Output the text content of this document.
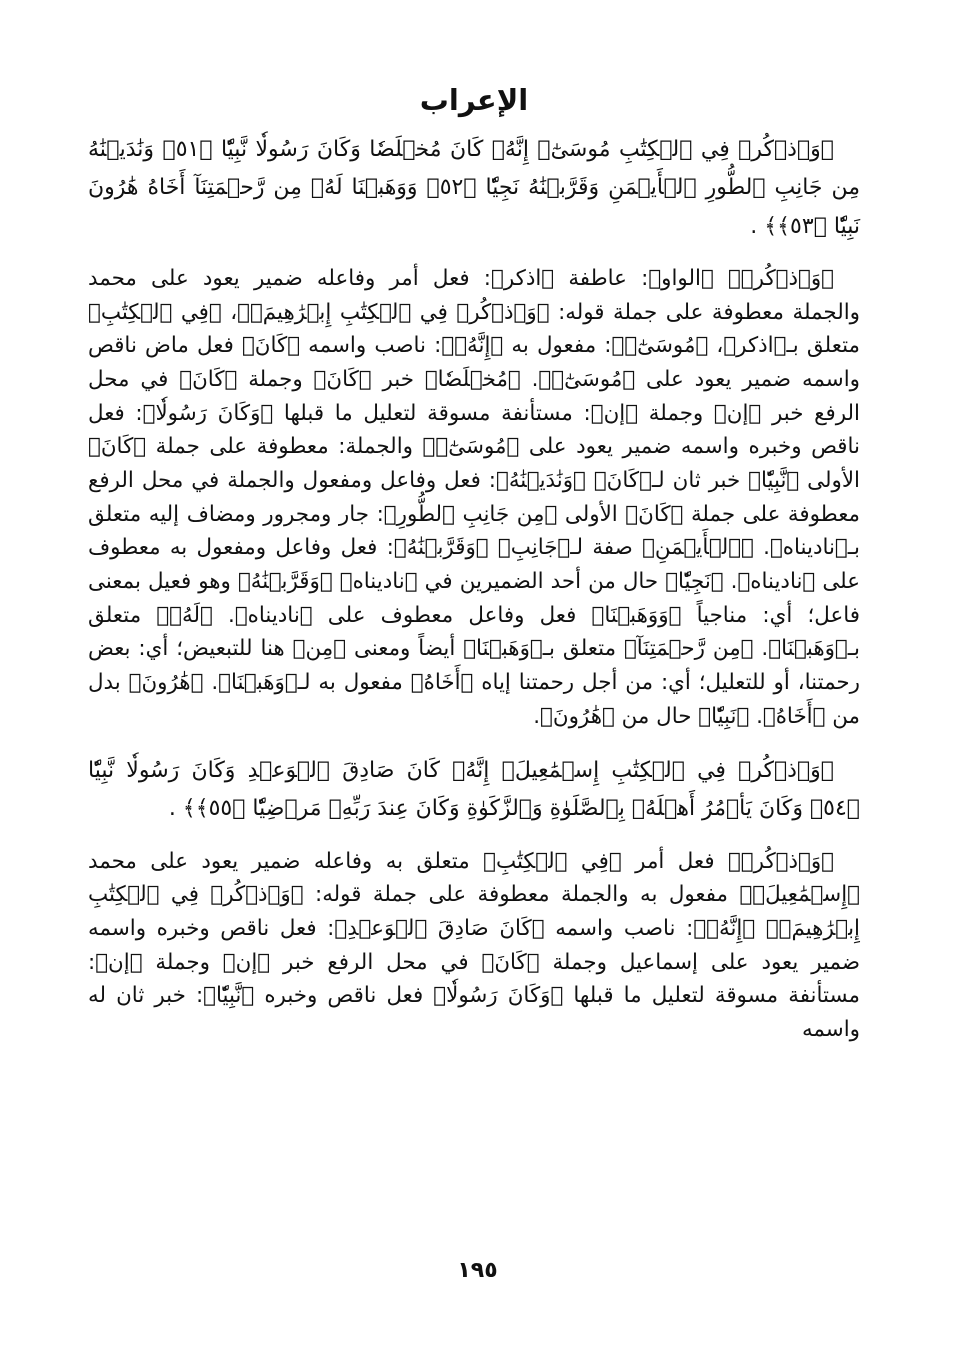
الإعراب

﴿وَٱذۡكُرۡ فِي ٱلۡكِتَٰبِ مُوسَىٰٓۚ إِنَّهُۥ كَانَ مُخۡلَصٗا وَكَانَ رَسُولٗا نَّبِيّٗا ﴿٥١﴾ وَنَٰدَيۡنَٰهُ مِن جَانِبِ ٱلطُّورِ ٱلۡأَيۡمَنِ وَقَرَّبۡنَٰهُ نَجِيّٗا ﴿٥٢﴾ وَوَهَبۡنَا لَهُۥ مِن رَّحۡمَتِنَآ أَخَاهُ هَٰرُونَ نَبِيّٗا ﴿٥٣﴾﴾ .

﴿وَٱذۡكُرۡ﴾ ﴿الواو﴾: عاطفة ﴿اذكر﴾: فعل أمر وفاعله ضمير يعود على محمد والجملة معطوفة على جملة قوله: ﴿وَٱذۡكُرۡ فِي ٱلۡكِتَٰبِ إِبۡرَٰهِيمَۚ﴾، ﴿فِي ٱلۡكِتَٰبِ﴾ متعلق بـ﴿اذكر﴾، ﴿مُوسَىٰٓۚ﴾: مفعول به ﴿إِنَّهُۥ﴾: ناصب واسمه ﴿كَانَ﴾ فعل ماض ناقص واسمه ضمير يعود على ﴿مُوسَىٰٓۚ﴾. ﴿مُخۡلَصٗا﴾ خبر ﴿كَانَ﴾ وجملة ﴿كَانَ﴾ في محل الرفع خبر ﴿إن﴾ وجملة ﴿إن﴾: مستأنفة مسوقة لتعليل ما قبلها ﴿وَكَانَ رَسُولٗا﴾: فعل ناقص وخبره واسمه ضمير يعود على ﴿مُوسَىٰٓۚ﴾ والجملة: معطوفة على جملة ﴿كَانَ﴾ الأولى ﴿نَّبِيّٗا﴾ خبر ثان لـ﴿كَانَ﴾ ﴿وَنَٰدَيۡنَٰهُ﴾: فعل وفاعل ومفعول والجملة في محل الرفع معطوفة على جملة ﴿كَانَ﴾ الأولى ﴿مِن جَانِبِ ٱلطُّورِ﴾: جار ومجرور ومضاف إليه متعلق بـ﴿ناديناه﴾. ﴿ٱلۡأَيۡمَنِ﴾ صفة لـ﴿جَانِبِ﴾ ﴿وَقَرَّبۡنَٰهُ﴾: فعل وفاعل ومفعول به معطوف على ﴿ناديناه﴾. ﴿نَجِيّٗا﴾ حال من أحد الضميرين في ﴿ناديناه﴾ ﴿وَقَرَّبۡنَٰهُ﴾ وهو فعيل بمعنى فاعل؛ أي: مناجياً ﴿وَوَهَبۡنَا﴾ فعل وفاعل معطوف على ﴿ناديناه﴾. ﴿لَهُۥ﴾ متعلق بـ﴿وَهَبۡنَا﴾. ﴿مِن رَّحۡمَتِنَآ﴾ متعلق بـ﴿وَهَبۡنَا﴾ أيضاً ومعنى ﴿مِن﴾ هنا للتبعيض؛ أي: بعض رحمتنا، أو للتعليل؛ أي: من أجل رحمتنا إياه ﴿أَخَاهُ﴾ مفعول به لـ﴿وَهَبۡنَا﴾. ﴿هَٰرُونَ﴾ بدل من ﴿أَخَاهُ﴾. ﴿نَبِيّٗا﴾ حال من ﴿هَٰرُونَ﴾.

﴿وَٱذۡكُرۡ فِي ٱلۡكِتَٰبِ إِسۡمَٰعِيلَۚ إِنَّهُۥ كَانَ صَادِقَ ٱلۡوَعۡدِ وَكَانَ رَسُولٗا نَّبِيّٗا ﴿٥٤﴾ وَكَانَ يَأۡمُرُ أَهۡلَهُۥ بِٱلصَّلَوٰةِ وَٱلزَّكَوٰةِ وَكَانَ عِندَ رَبِّهِۦ مَرۡضِيّٗا ﴿٥٥﴾﴾ .

﴿وَٱذۡكُرۡ﴾ فعل أمر ﴿فِي ٱلۡكِتَٰبِ﴾ متعلق به وفاعله ضمير يعود على محمد ﴿إِسۡمَٰعِيلَۚ﴾ مفعول به والجملة معطوفة على جملة قوله: ﴿وَٱذۡكُرۡ فِي ٱلۡكِتَٰبِ إِبۡرَٰهِيمَۚ﴾ ﴿إِنَّهُۥ﴾: ناصب واسمه ﴿كَانَ صَادِقَ ٱلۡوَعۡدِ﴾: فعل ناقص وخبره واسمه ضمير يعود على إسماعيل وجملة ﴿كَانَ﴾ في محل الرفع خبر ﴿إن﴾ وجملة ﴿إن﴾: مستأنفة مسوقة لتعليل ما قبلها ﴿وَكَانَ رَسُولٗا﴾ فعل ناقص وخبره ﴿نَّبِيّٗا﴾: خبر ثان له واسمه

١٩٥
